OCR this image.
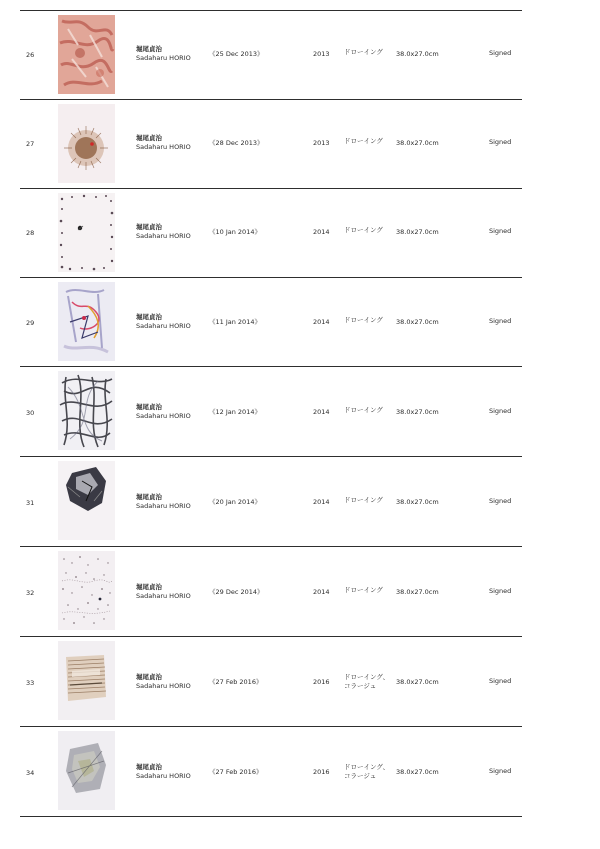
26
堀尾貞治
Sadaharu HORIO	《25 Dec 2013》	2013 ドローイング 38.0x27.0cm	Signed
27
堀尾貞治
Sadaharu HORIO	《28 Dec 2013》	2013 ドローイング 38.0x27.0cm	Signed
28
堀尾貞治
Sadaharu HORIO	《10 Jan 2014》	2014 ドローイング 38.0x27.0cm	Signed
29
堀尾貞治
Sadaharu HORIO	《11 Jan 2014》	2014 ドローイング 38.0x27.0cm	Signed
30
堀尾貞治
Sadaharu HORIO	《12 Jan 2014》	2014 ドローイング 38.0x27.0cm	Signed
31
堀尾貞治
Sadaharu HORIO	《20 Jan 2014》	2014 ドローイング 38.0x27.0cm	Signed
32
堀尾貞治
Sadaharu HORIO	《29 Dec 2014》	2014 ドローイング 38.0x27.0cm	Signed
33
堀尾貞治
Sadaharu HORIO	《27 Feb 2016》	2016
ドローイング、
コラージュ	38.0x27.0cm	Signed
34
堀尾貞治
Sadaharu HORIO	《27 Feb 2016》	2016
ドローイング、
コラージュ	38.0x27.0cm	Signed
